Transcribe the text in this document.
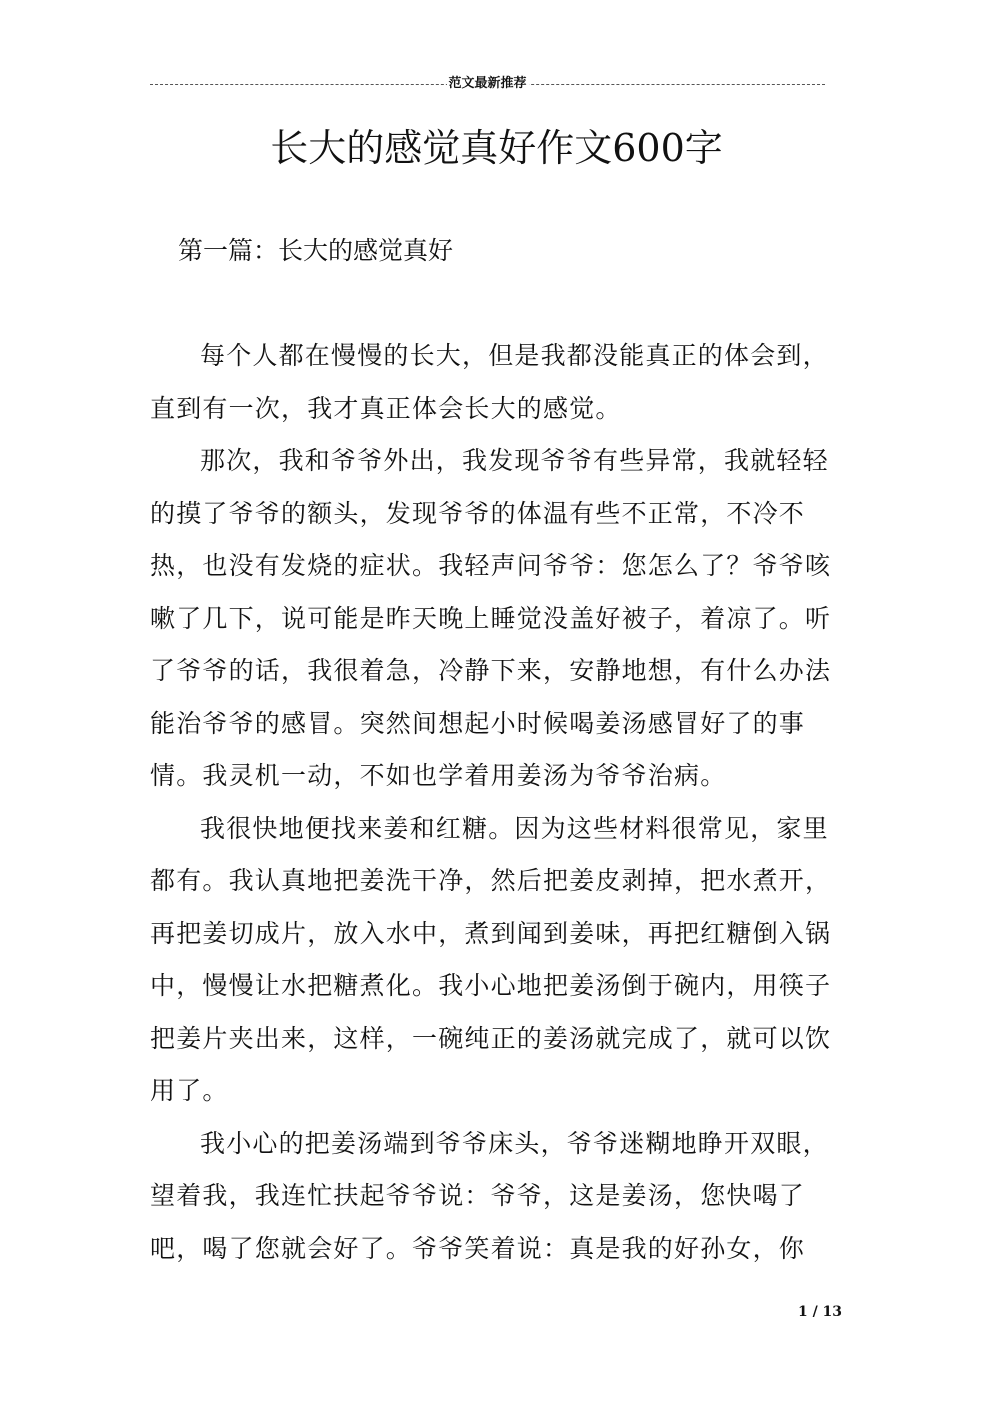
范文最新推荐
长大的感觉真好作文600字
第一篇：长大的感觉真好

每个人都在慢慢的长大，但是我都没能真正的体会到，直到有一次，我才真正体会长大的感觉。

那次，我和爷爷外出，我发现爷爷有些异常，我就轻轻的摸了爷爷的额头，发现爷爷的体温有些不正常，不冷不热，也没有发烧的症状。我轻声问爷爷：您怎么了？爷爷咳嗽了几下，说可能是昨天晚上睡觉没盖好被子，着凉了。听了爷爷的话，我很着急，冷静下来，安静地想，有什么办法能治爷爷的感冒。突然间想起小时候喝姜汤感冒好了的事情。我灵机一动，不如也学着用姜汤为爷爷治病。

我很快地便找来姜和红糖。因为这些材料很常见，家里都有。我认真地把姜洗干净，然后把姜皮剥掉，把水煮开，再把姜切成片，放入水中，煮到闻到姜味，再把红糖倒入锅中，慢慢让水把糖煮化。我小心地把姜汤倒于碗内，用筷子把姜片夹出来，这样，一碗纯正的姜汤就完成了，就可以饮用了。

我小心的把姜汤端到爷爷床头，爷爷迷糊地睁开双眼，望着我，我连忙扶起爷爷说：爷爷，这是姜汤，您快喝了吧，喝了您就会好了。爷爷笑着说：真是我的好孙女，你

1 / 13
